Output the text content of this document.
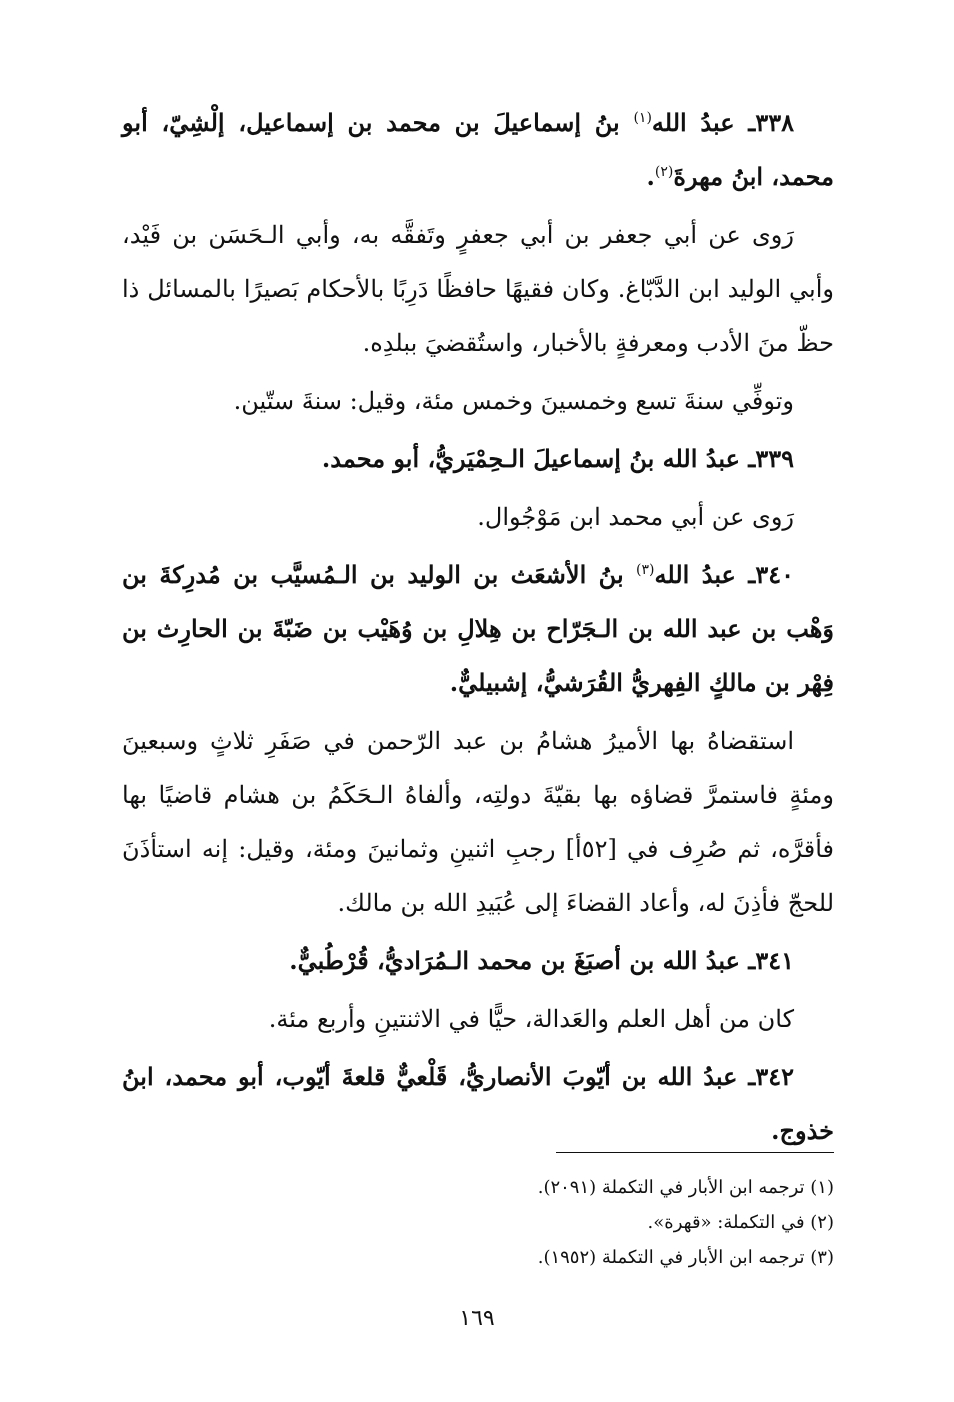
٣٣٨ـ عبدُ الله$^{(١)}$ بنُ إسماعيلَ بن محمد بن إسماعيل، إلْشِيّ، أبو محمد، ابنُ مهرةَ$^{(٢)}$.

رَوى عن أبي جعفر بن أبي جعفرٍ وتَفقَّه به، وأبي الـحَسَن بن فَيْد، وأبي الوليد ابن الدَّبّاغ. وكان فقيهًا حافظًا دَرِبًا بالأحكام بَصيرًا بالمسائل ذا حظّ منَ الأدب ومعرفةٍ بالأخبار، واستُقضيَ ببلدِه.

وتوفِّي سنةَ تسع وخمسينَ وخمس مئة، وقيل: سنةَ ستّين.

٣٣٩ـ عبدُ الله بنُ إسماعيلَ الـحِمْيَريُّ، أبو محمد.

رَوى عن أبي محمد ابن مَوْجُوال.

٣٤٠ـ عبدُ الله$^{(٣)}$ بنُ الأشعَث بن الوليد بن الـمُسيَّب بن مُدرِكةَ بن وَهْب بن عبد الله بن الـجَرّاح بن هِلالِ بن وُهَيْب بن ضَبّةَ بن الحارِث بن فِهْر بن مالكٍ الفِهريُّ القُرَشيُّ، إشبيليٌّ.

استقضاهُ بها الأميرُ هشامُ بن عبد الرّحمن في صَفَرِ ثلاثٍ وسبعينَ ومئةٍ فاستمرَّ قضاؤه بها بقيّةَ دولتِه، وألفاهُ الـحَكَمُ بن هشام قاضيًا بها فأقرَّه، ثم صُرِف في [٥٢أ] رجبِ اثنينِ وثمانينَ ومئة، وقيل: إنه استأذَنَ للحجّ فأذِنَ له، وأعاد القضاءَ إلى عُبَيدِ الله بن مالك.

٣٤١ـ عبدُ الله بن أصبَغَ بن محمد الـمُرَاديُّ، قُرْطُبيٌّ.

كان من أهل العلم والعَدالة، حيًّا في الاثنتينِ وأربع مئة.

٣٤٢ـ عبدُ الله بن أيّوبَ الأنصاريُّ، قَلْعيٌّ قلعةَ أيّوب، أبو محمد، ابنُ خذوج.

(١) ترجمه ابن الأبار في التكملة (٢٠٩١).

(٢) في التكملة: «قهرة».

(٣) ترجمه ابن الأبار في التكملة (١٩٥٢).

١٦٩
